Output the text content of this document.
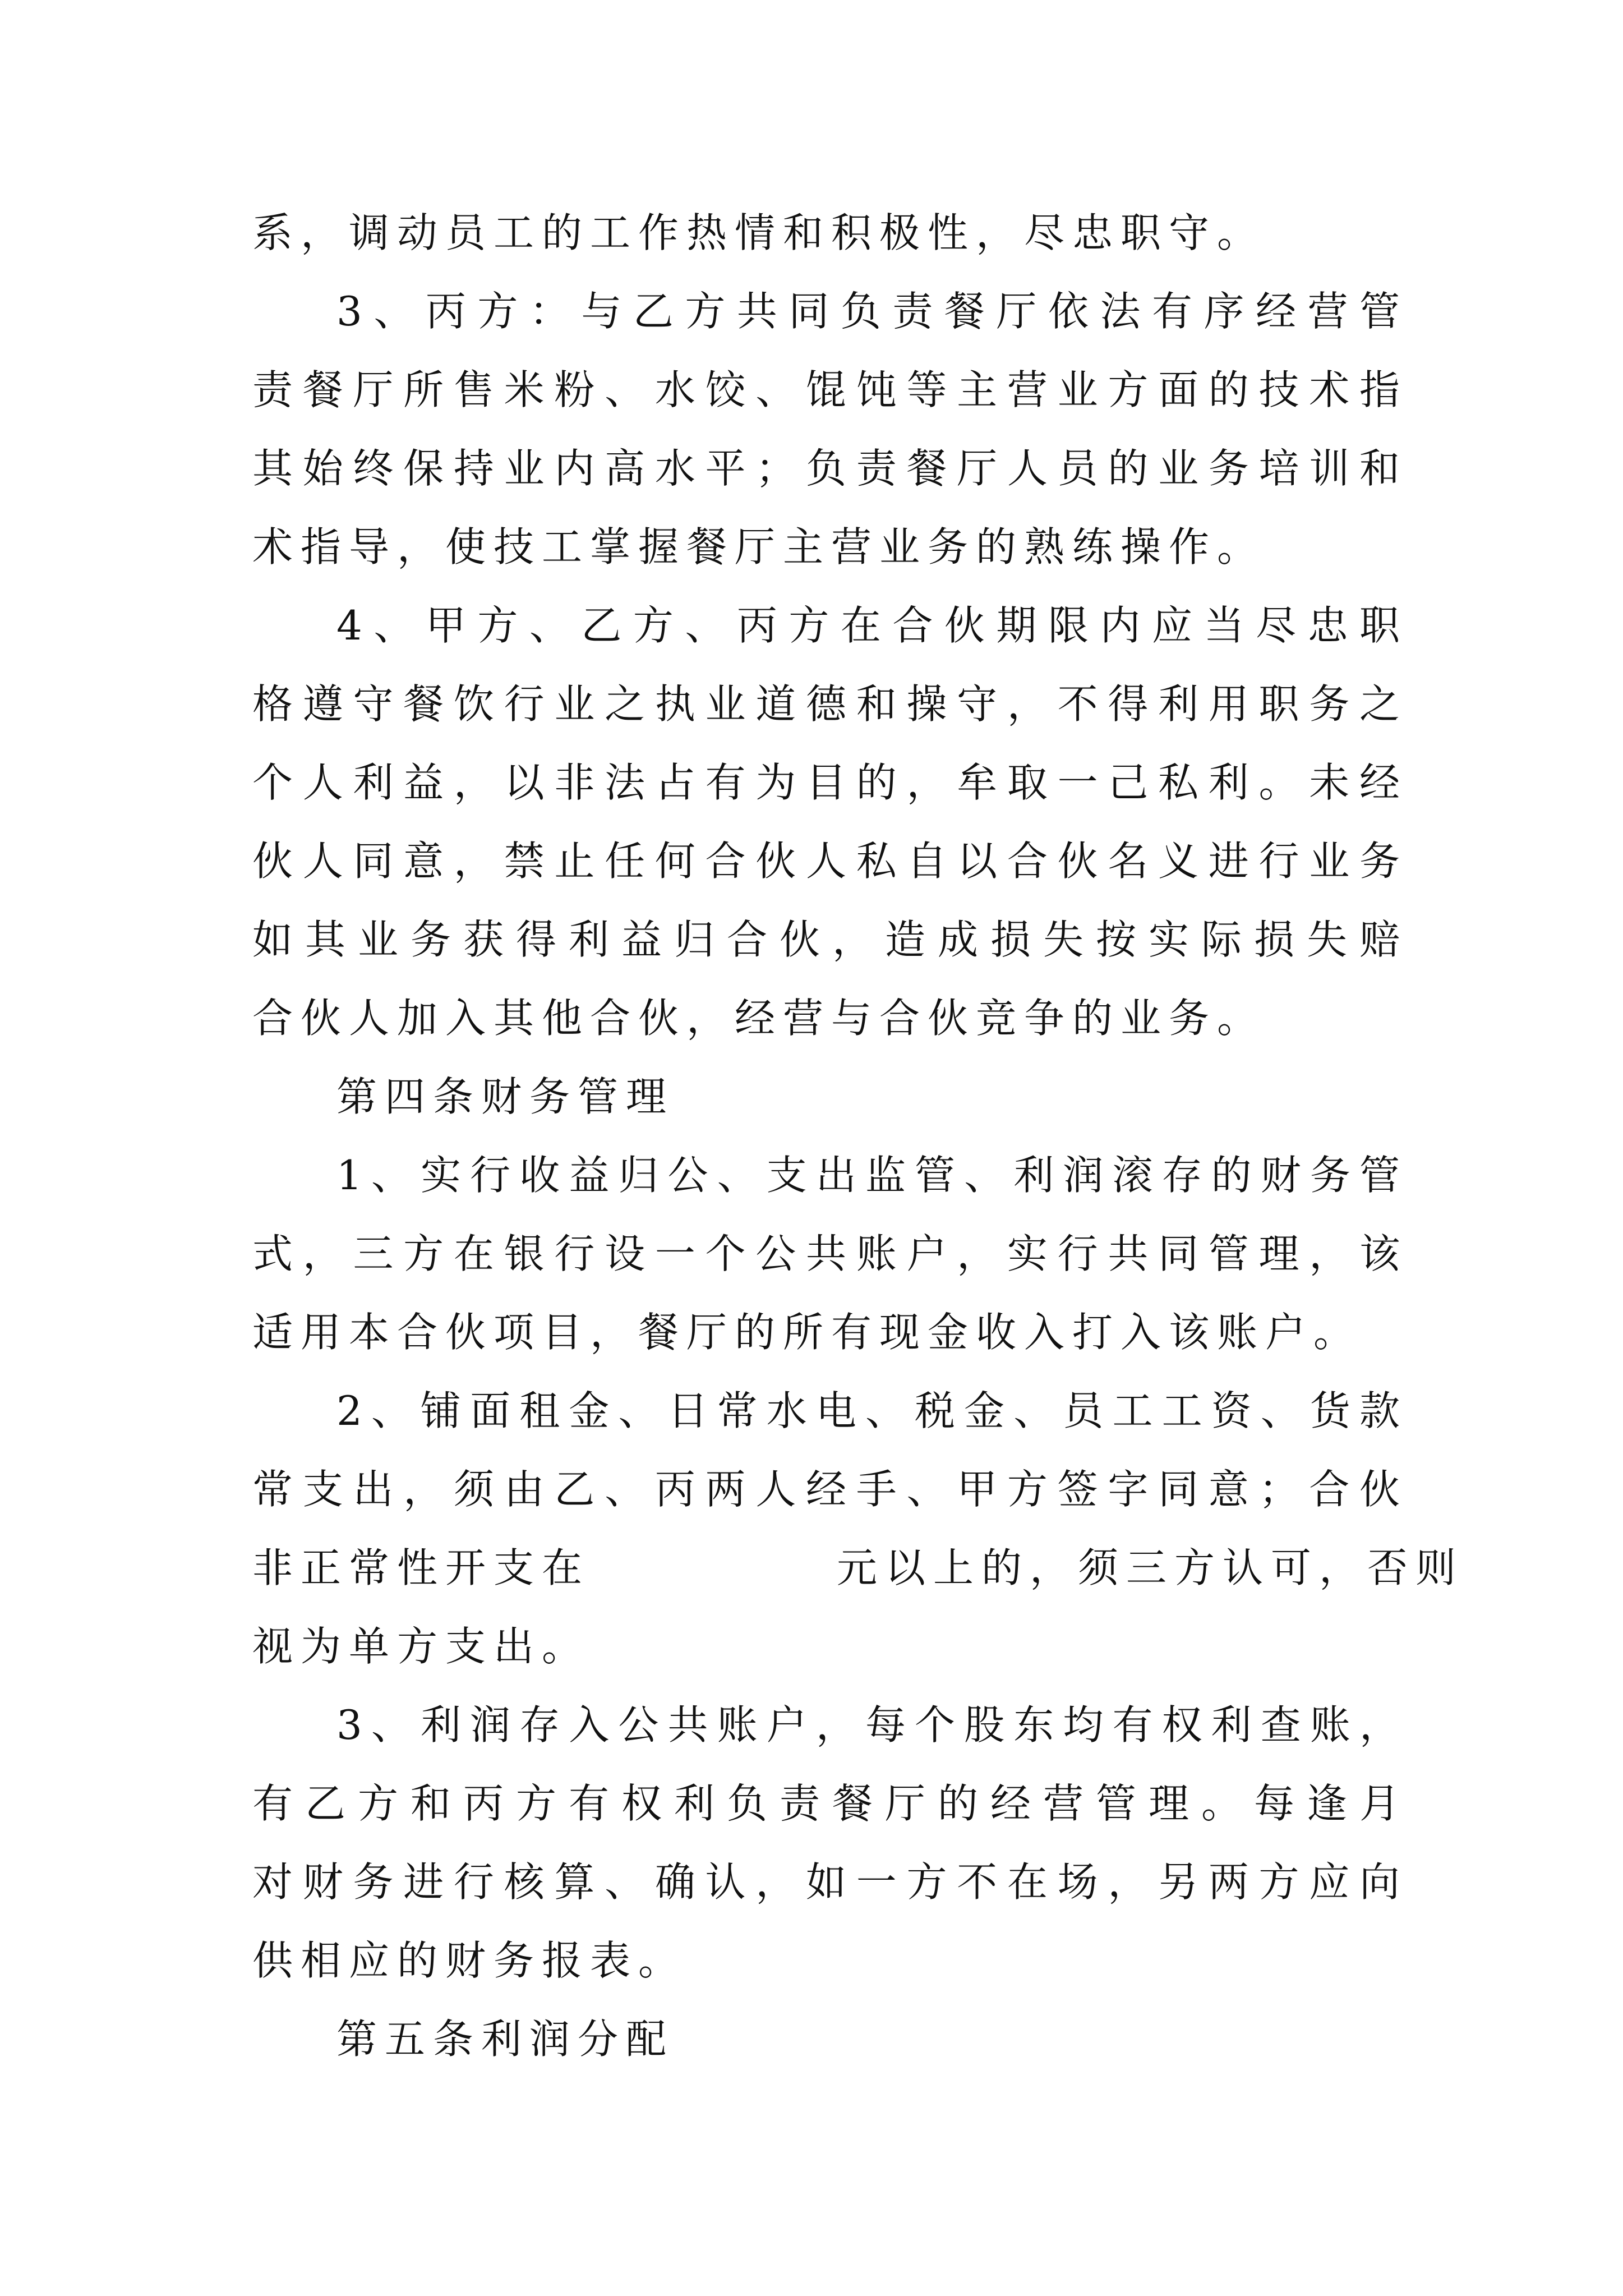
系，调动员工的工作热情和积极性，尽忠职守。
3、丙方：与乙方共同负责餐厅依法有序经营管
责餐厅所售米粉、水饺、馄饨等主营业方面的技术指
其始终保持业内高水平；负责餐厅人员的业务培训和
术指导，使技工掌握餐厅主营业务的熟练操作。
4、甲方、乙方、丙方在合伙期限内应当尽忠职
格遵守餐饮行业之执业道德和操守，不得利用职务之
个人利益，以非法占有为目的，牟取一己私利。未经
伙人同意，禁止任何合伙人私自以合伙名义进行业务
如其业务获得利益归合伙，造成损失按实际损失赔
合伙人加入其他合伙，经营与合伙竞争的业务。
第四条财务管理
1、实行收益归公、支出监管、利润滚存的财务管
式，三方在银行设一个公共账户，实行共同管理，该
适用本合伙项目，餐厅的所有现金收入打入该账户。
2、铺面租金、日常水电、税金、员工工资、货款
常支出，须由乙、丙两人经手、甲方签字同意；合伙
非正常性开支在	元以上的，须三方认可，否则
视为单方支出。
3、利润存入公共账户，每个股东均有权利查账，
有乙方和丙方有权利负责餐厅的经营管理。每逢月
对财务进行核算、确认，如一方不在场，另两方应向
供相应的财务报表。
第五条利润分配
